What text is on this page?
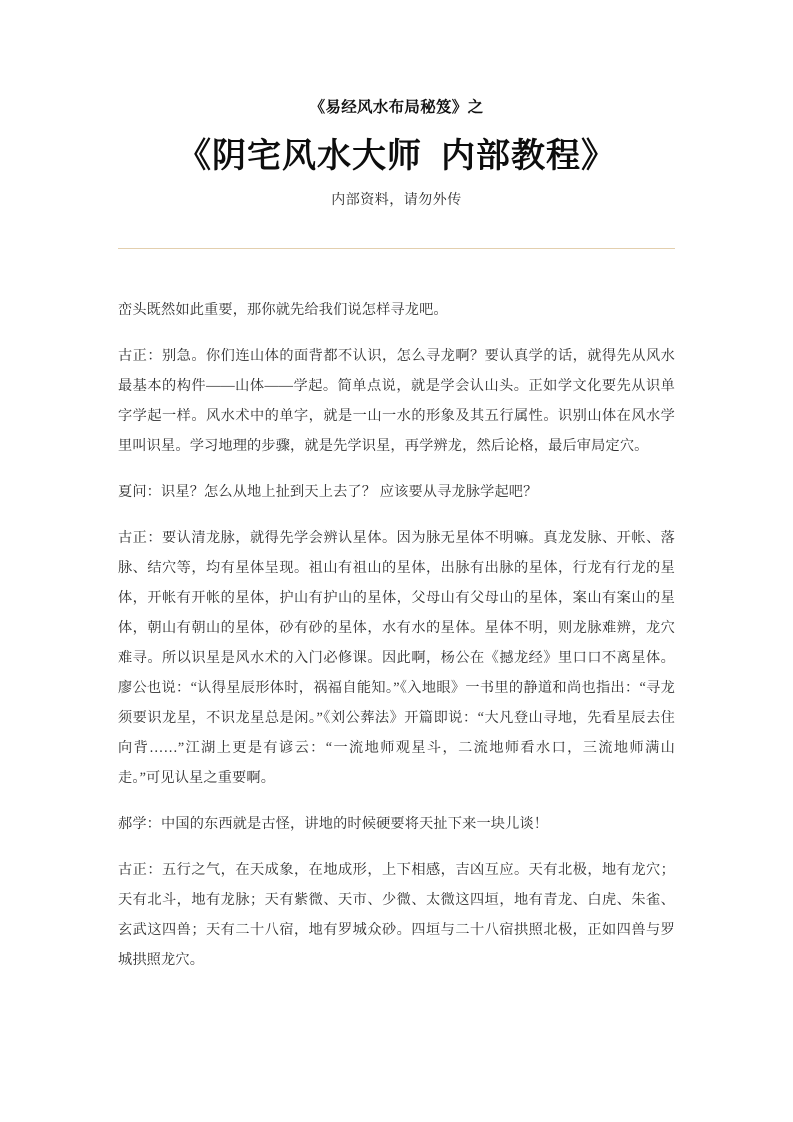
《易经风水布局秘笈》之
《阴宅风水大师  内部教程》
内部资料，请勿外传

峦头既然如此重要，那你就先给我们说怎样寻龙吧。

古正：别急。你们连山体的面背都不认识，怎么寻龙啊？要认真学的话，就得先从风水最基本的构件——山体——学起。简单点说，就是学会认山头。正如学文化要先从识单字学起一样。风水术中的单字，就是一山一水的形象及其五行属性。识别山体在风水学里叫识星。学习地理的步骤，就是先学识星，再学辨龙，然后论格，最后审局定穴。

夏问：识星？怎么从地上扯到天上去了？ 应该要从寻龙脉学起吧？

古正：要认清龙脉，就得先学会辨认星体。因为脉无星体不明嘛。真龙发脉、开帐、落脉、结穴等，均有星体呈现。祖山有祖山的星体，出脉有出脉的星体，行龙有行龙的星体，开帐有开帐的星体，护山有护山的星体，父母山有父母山的星体，案山有案山的星体，朝山有朝山的星体，砂有砂的星体，水有水的星体。星体不明，则龙脉难辨，龙穴难寻。所以识星是风水术的入门必修课。因此啊，杨公在《撼龙经》里口口不离星体。廖公也说：“认得星辰形体时，祸福自能知。”《入地眼》一书里的静道和尚也指出：“寻龙须要识龙星，不识龙星总是闲。”《刘公葬法》开篇即说：“大凡登山寻地，先看星辰去住向背……”江湖上更是有谚云：“一流地师观星斗，二流地师看水口，三流地师满山走。”可见认星之重要啊。

郝学：中国的东西就是古怪，讲地的时候硬要将天扯下来一块儿谈！

古正：五行之气，在天成象，在地成形，上下相感，吉凶互应。天有北极，地有龙穴；天有北斗，地有龙脉；天有紫微、天市、少微、太微这四垣，地有青龙、白虎、朱雀、玄武这四兽；天有二十八宿，地有罗城众砂。四垣与二十八宿拱照北极，正如四兽与罗城拱照龙穴。
